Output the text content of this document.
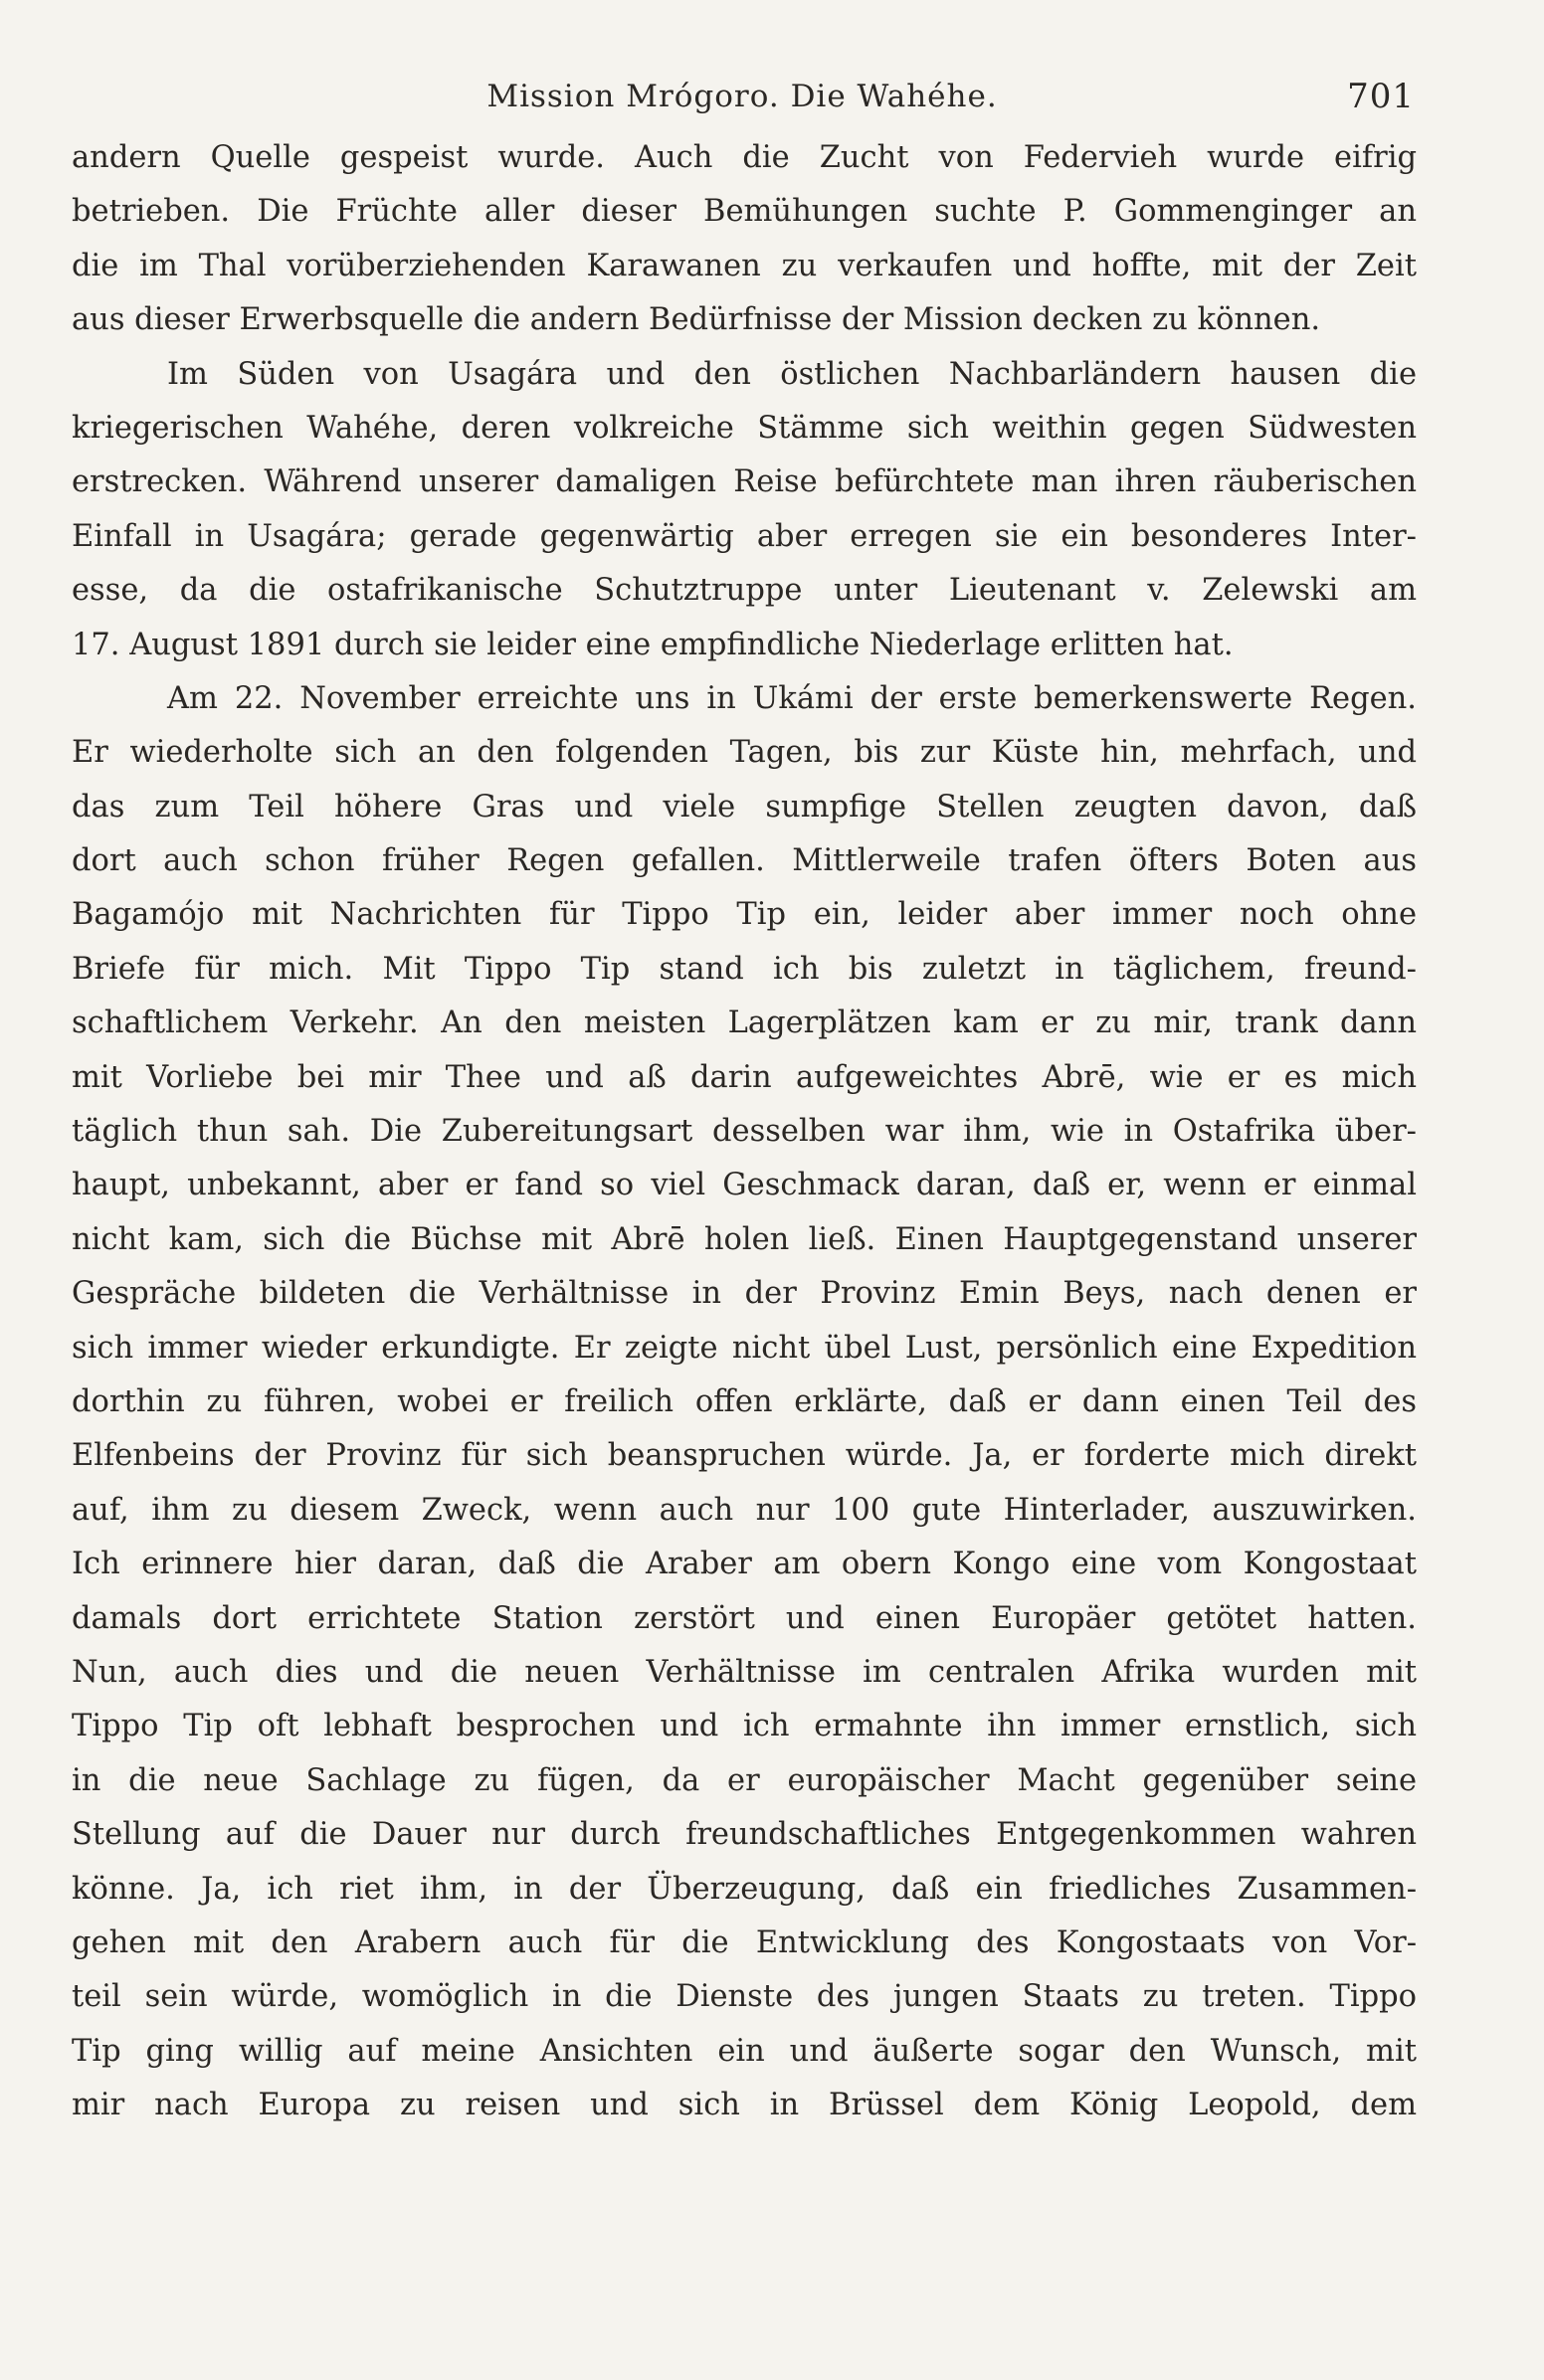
Mission Mrógoro. Die Wahéhe.	701
andern Quelle gespeist wurde. Auch die Zucht von Federvieh wurde eifrig
betrieben. Die Früchte aller dieser Bemühungen suchte P. Gommenginger an
die im Thal vorüberziehenden Karawanen zu verkaufen und hoffte, mit der Zeit
aus dieser Erwerbsquelle die andern Bedürfnisse der Mission decken zu können.
Im Süden von Usagára und den östlichen Nachbarländern hausen die
kriegerischen Wahéhe, deren volkreiche Stämme sich weithin gegen Südwesten
erstrecken. Während unserer damaligen Reise befürchtete man ihren räuberischen
Einfall in Usagára; gerade gegenwärtig aber erregen sie ein besonderes Inter-
esse, da die ostafrikanische Schutztruppe unter Lieutenant v. Zelewski am
17. August 1891 durch sie leider eine empfindliche Niederlage erlitten hat.
Am 22. November erreichte uns in Ukámi der erste bemerkenswerte Regen.
Er wiederholte sich an den folgenden Tagen, bis zur Küste hin, mehrfach, und
das zum Teil höhere Gras und viele sumpfige Stellen zeugten davon, daß
dort auch schon früher Regen gefallen. Mittlerweile trafen öfters Boten aus
Bagamójo mit Nachrichten für Tippo Tip ein, leider aber immer noch ohne
Briefe für mich. Mit Tippo Tip stand ich bis zuletzt in täglichem, freund-
schaftlichem Verkehr. An den meisten Lagerplätzen kam er zu mir, trank dann
mit Vorliebe bei mir Thee und aß darin aufgeweichtes Abrē, wie er es mich
täglich thun sah. Die Zubereitungsart desselben war ihm, wie in Ostafrika über-
haupt, unbekannt, aber er fand so viel Geschmack daran, daß er, wenn er einmal
nicht kam, sich die Büchse mit Abrē holen ließ. Einen Hauptgegenstand unserer
Gespräche bildeten die Verhältnisse in der Provinz Emin Beys, nach denen er
sich immer wieder erkundigte. Er zeigte nicht übel Lust, persönlich eine Expedition
dorthin zu führen, wobei er freilich offen erklärte, daß er dann einen Teil des
Elfenbeins der Provinz für sich beanspruchen würde. Ja, er forderte mich direkt
auf, ihm zu diesem Zweck, wenn auch nur 100 gute Hinterlader, auszuwirken.
Ich erinnere hier daran, daß die Araber am obern Kongo eine vom Kongostaat
damals dort errichtete Station zerstört und einen Europäer getötet hatten.
Nun, auch dies und die neuen Verhältnisse im centralen Afrika wurden mit
Tippo Tip oft lebhaft besprochen und ich ermahnte ihn immer ernstlich, sich
in die neue Sachlage zu fügen, da er europäischer Macht gegenüber seine
Stellung auf die Dauer nur durch freundschaftliches Entgegenkommen wahren
könne. Ja, ich riet ihm, in der Überzeugung, daß ein friedliches Zusammen-
gehen mit den Arabern auch für die Entwicklung des Kongostaats von Vor-
teil sein würde, womöglich in die Dienste des jungen Staats zu treten. Tippo
Tip ging willig auf meine Ansichten ein und äußerte sogar den Wunsch, mit
mir nach Europa zu reisen und sich in Brüssel dem König Leopold, dem
